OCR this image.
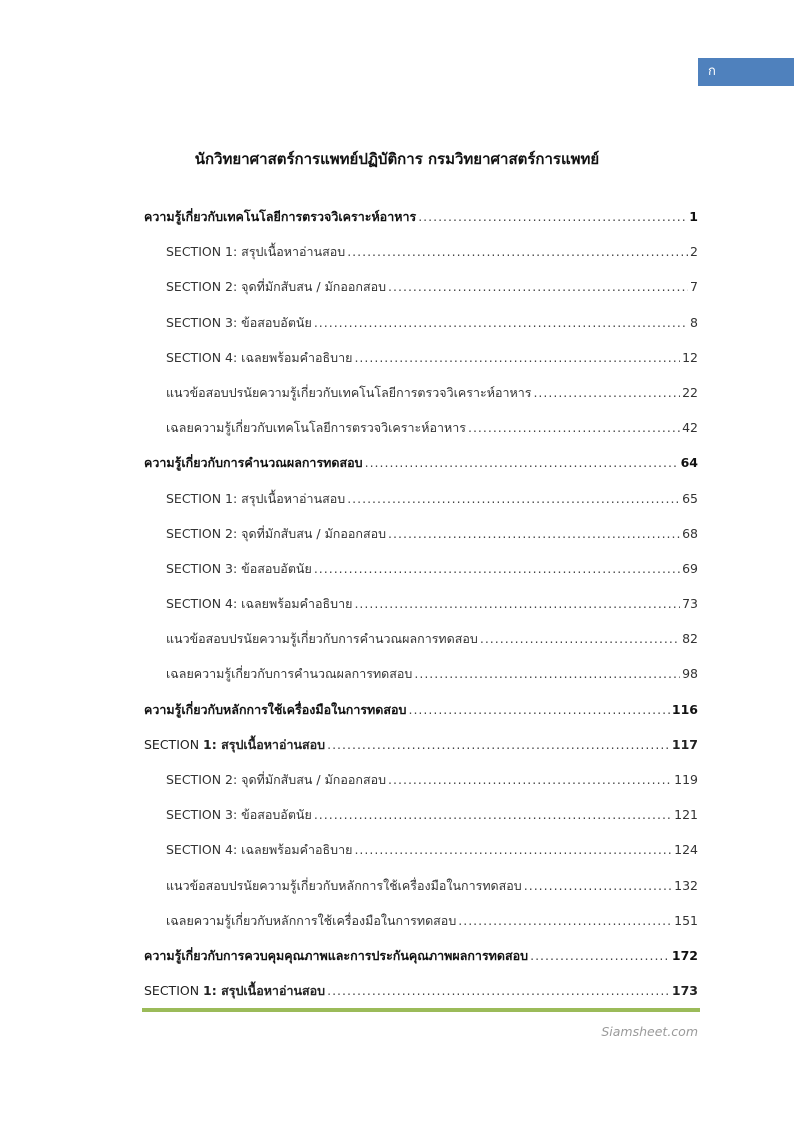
ก
นักวิทยาศาสตร์การแพทย์ปฏิบัติการ กรมวิทยาศาสตร์การแพทย์
ความรู้เกี่ยวกับเทคโนโลยีการตรวจวิเคราะห์อาหาร .....	1
SECTION 1: สรุปเนื้อหาอ่านสอบ .....	2
SECTION 2: จุดที่มักสับสน / มักออกสอบ .....	7
SECTION 3: ข้อสอบอัตนัย .....	8
SECTION 4: เฉลยพร้อมคำอธิบาย .....	12
แนวข้อสอบปรนัยความรู้เกี่ยวกับเทคโนโลยีการตรวจวิเคราะห์อาหาร .....	22
เฉลยความรู้เกี่ยวกับเทคโนโลยีการตรวจวิเคราะห์อาหาร .....	42
ความรู้เกี่ยวกับการคำนวณผลการทดสอบ .....	64
SECTION 1: สรุปเนื้อหาอ่านสอบ .....	65
SECTION 2: จุดที่มักสับสน / มักออกสอบ .....	68
SECTION 3: ข้อสอบอัตนัย .....	69
SECTION 4: เฉลยพร้อมคำอธิบาย .....	73
แนวข้อสอบปรนัยความรู้เกี่ยวกับการคำนวณผลการทดสอบ .....	82
เฉลยความรู้เกี่ยวกับการคำนวณผลการทดสอบ .....	98
ความรู้เกี่ยวกับหลักการใช้เครื่องมือในการทดสอบ .....	116
SECTION 1: สรุปเนื้อหาอ่านสอบ .....	117
SECTION 2: จุดที่มักสับสน / มักออกสอบ .....	119
SECTION 3: ข้อสอบอัตนัย .....	121
SECTION 4: เฉลยพร้อมคำอธิบาย .....	124
แนวข้อสอบปรนัยความรู้เกี่ยวกับหลักการใช้เครื่องมือในการทดสอบ .....	132
เฉลยความรู้เกี่ยวกับหลักการใช้เครื่องมือในการทดสอบ .....	151
ความรู้เกี่ยวกับการควบคุมคุณภาพและการประกันคุณภาพผลการทดสอบ .....	172
SECTION 1: สรุปเนื้อหาอ่านสอบ .....	173
Siamsheet.com
